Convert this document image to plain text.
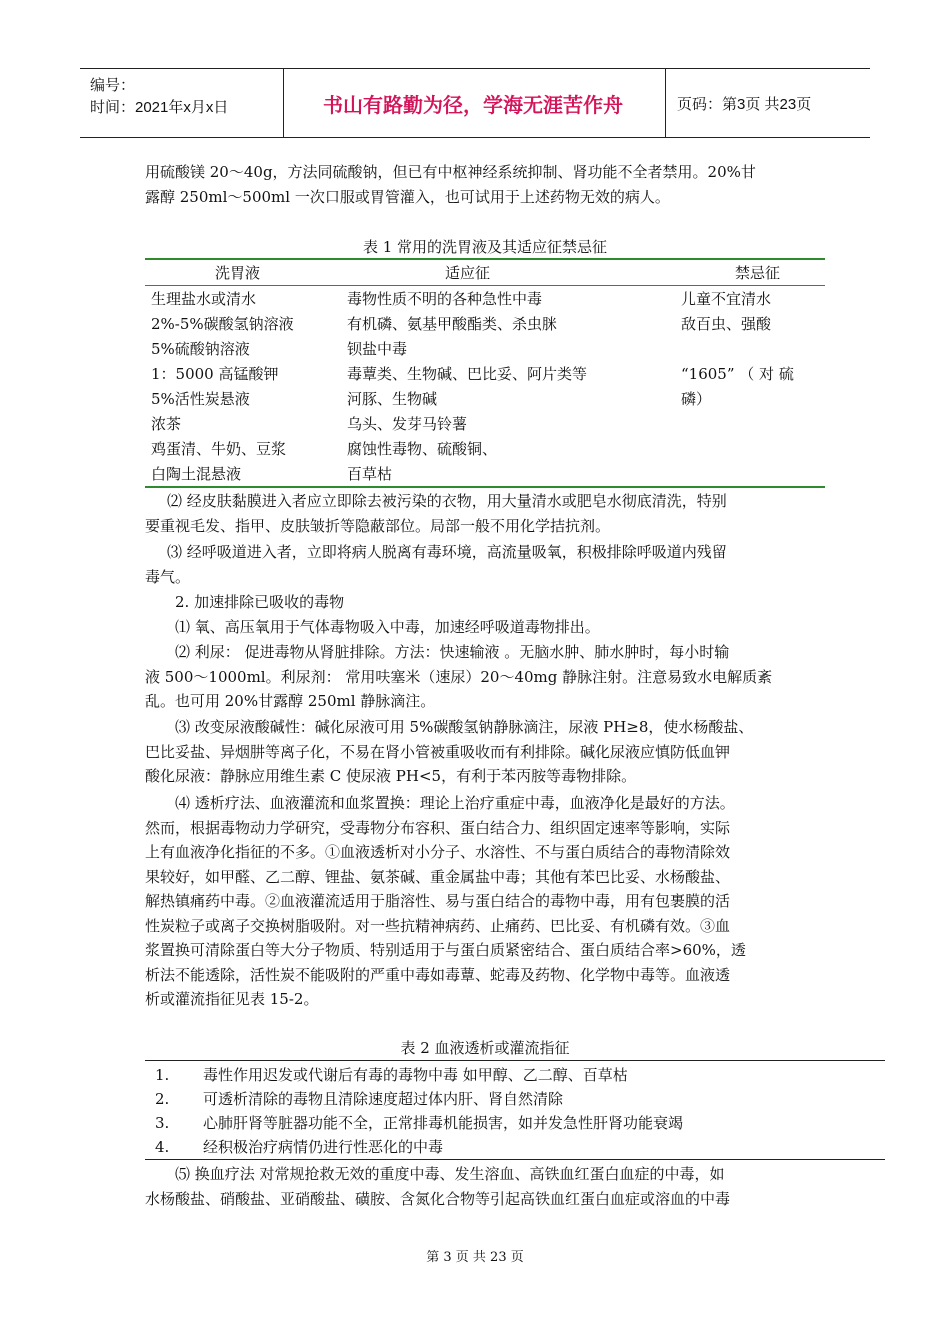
编号：
时间：2021年x月x日	书山有路勤为径，学海无涯苦作舟	页码：第3页 共23页
用硫酸镁 20～40g，方法同硫酸钠，但已有中枢神经系统抑制、肾功能不全者禁用。20%甘
露醇 250ml～500ml 一次口服或胃管灌入，也可试用于上述药物无效的病人。
表 1 常用的洗胃液及其适应征禁忌征
洗胃液	适应征	禁忌征
生理盐水或清水	毒物性质不明的各种急性中毒	儿童不宜清水
2%-5%碳酸氢钠溶液	有机磷、氨基甲酸酯类、杀虫脒	敌百虫、强酸
5%硫酸钠溶液	钡盐中毒
1：5000 高锰酸钾	毒蕈类、生物碱、巴比妥、阿片类等	“1605” （ 对 硫
5%活性炭悬液	河豚、生物碱	磷）
浓茶	乌头、发芽马铃薯
鸡蛋清、牛奶、豆浆	腐蚀性毒物、硫酸铜、
白陶土混悬液	百草枯
⑵ 经皮肤黏膜进入者应立即除去被污染的衣物，用大量清水或肥皂水彻底清洗，特别
要重视毛发、指甲、皮肤皱折等隐蔽部位。局部一般不用化学拮抗剂。
⑶ 经呼吸道进入者，立即将病人脱离有毒环境，高流量吸氧，积极排除呼吸道内残留
毒气。
2. 加速排除已吸收的毒物
⑴ 氧、高压氧用于气体毒物吸入中毒，加速经呼吸道毒物排出。
⑵ 利尿： 促进毒物从肾脏排除。方法：快速输液 。无脑水肿、肺水肿时，每小时输
液 500～1000ml。利尿剂： 常用呋塞米（速尿）20～40mg 静脉注射。注意易致水电解质紊
乱。也可用 20%甘露醇 250ml 静脉滴注。
⑶ 改变尿液酸碱性：碱化尿液可用 5%碳酸氢钠静脉滴注，尿液 PH≥8，使水杨酸盐、
巴比妥盐、异烟肼等离子化，不易在肾小管被重吸收而有利排除。碱化尿液应慎防低血钾
酸化尿液：静脉应用维生素 C 使尿液 PH<5，有利于苯丙胺等毒物排除。
⑷ 透析疗法、血液灌流和血浆置换：理论上治疗重症中毒，血液净化是最好的方法。
然而，根据毒物动力学研究，受毒物分布容积、蛋白结合力、组织固定速率等影响，实际
上有血液净化指征的不多。①血液透析对小分子、水溶性、不与蛋白质结合的毒物清除效
果较好，如甲醛、乙二醇、锂盐、氨茶碱、重金属盐中毒；其他有苯巴比妥、水杨酸盐、
解热镇痛药中毒。②血液灌流适用于脂溶性、易与蛋白结合的毒物中毒，用有包裹膜的活
性炭粒子或离子交换树脂吸附。对一些抗精神病药、止痛药、巴比妥、有机磷有效。③血
浆置换可清除蛋白等大分子物质、特别适用于与蛋白质紧密结合、蛋白质结合率>60%，透
析法不能透除，活性炭不能吸附的严重中毒如毒蕈、蛇毒及药物、化学物中毒等。血液透
析或灌流指征见表 15-2。
表 2 血液透析或灌流指征
1. 毒性作用迟发或代谢后有毒的毒物中毒 如甲醇、乙二醇、百草枯
2. 可透析清除的毒物且清除速度超过体内肝、肾自然清除
3. 心肺肝肾等脏器功能不全，正常排毒机能损害，如并发急性肝肾功能衰竭
4. 经积极治疗病情仍进行性恶化的中毒
⑸ 换血疗法 对常规抢救无效的重度中毒、发生溶血、高铁血红蛋白血症的中毒，如
水杨酸盐、硝酸盐、亚硝酸盐、磺胺、含氮化合物等引起高铁血红蛋白血症或溶血的中毒
第 3 页 共 23 页
